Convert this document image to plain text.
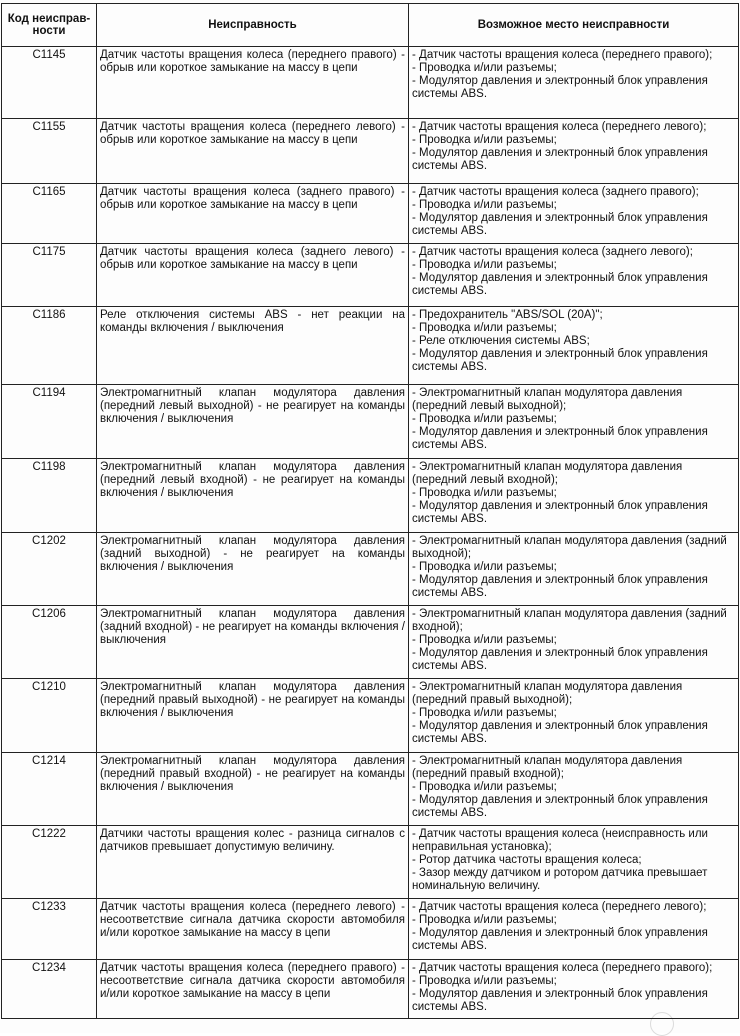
Код неисправ-ности	Неисправность	Возможное место неисправности
C1145	Датчик частоты вращения колеса (переднего правого) - обрыв или короткое замыкание на массу в цепи	- Датчик частоты вращения колеса (переднего правого);
- Проводка и/или разъемы;
- Модулятор давления и электронный блок управления системы ABS.

C1155	Датчик частоты вращения колеса (переднего левого) - обрыв или короткое замыкание на массу в цепи	- Датчик частоты вращения колеса (переднего левого);
- Проводка и/или разъемы;
- Модулятор давления и электронный блок управления системы ABS.

C1165	Датчик частоты вращения колеса (заднего правого) - обрыв или короткое замыкание на массу в цепи	- Датчик частоты вращения колеса (заднего правого);
- Проводка и/или разъемы;
- Модулятор давления и электронный блок управления системы ABS.

C1175	Датчик частоты вращения колеса (заднего левого) - обрыв или короткое замыкание на массу в цепи	- Датчик частоты вращения колеса (заднего левого);
- Проводка и/или разъемы;
- Модулятор давления и электронный блок управления системы ABS.

C1186	Реле отключения системы ABS - нет реакции на команды включения / выключения	- Предохранитель "ABS/SOL (20A)";
- Проводка и/или разъемы;
- Реле отключения системы ABS;
- Модулятор давления и электронный блок управления системы ABS.

C1194	Электромагнитный клапан модулятора давления (передний левый выходной) - не реагирует на команды включения / выключения	- Электромагнитный клапан модулятора давления (передний левый выходной);
- Проводка и/или разъемы;
- Модулятор давления и электронный блок управления системы ABS.

C1198	Электромагнитный клапан модулятора давления (передний левый входной) - не реагирует на команды включения / выключения	- Электромагнитный клапан модулятора давления (передний левый входной);
- Проводка и/или разъемы;
- Модулятор давления и электронный блок управления системы ABS.

C1202	Электромагнитный клапан модулятора давления (задний выходной) - не реагирует на команды включения / выключения	- Электромагнитный клапан модулятора давления (задний выходной);
- Проводка и/или разъемы;
- Модулятор давления и электронный блок управления системы ABS.

C1206	Электромагнитный клапан модулятора давления (задний входной) - не реагирует на команды включения / выключения	- Электромагнитный клапан модулятора давления (задний входной);
- Проводка и/или разъемы;
- Модулятор давления и электронный блок управления системы ABS.

C1210	Электромагнитный клапан модулятора давления (передний правый выходной) - не реагирует на команды включения / выключения	- Электромагнитный клапан модулятора давления (передний правый выходной);
- Проводка и/или разъемы;
- Модулятор давления и электронный блок управления системы ABS.

C1214	Электромагнитный клапан модулятора давления (передний правый входной) - не реагирует на команды включения / выключения	- Электромагнитный клапан модулятора давления (передний правый входной);
- Проводка и/или разъемы;
- Модулятор давления и электронный блок управления системы ABS.

C1222	Датчики частоты вращения колес - разница сигналов с датчиков превышает допустимую величину.	- Датчик частоты вращения колеса (неисправность или неправильная установка);
- Ротор датчика частоты вращения колеса;
- Зазор между датчиком и ротором датчика превышает номинальную величину.

C1233	Датчик частоты вращения колеса (переднего левого) - несоответствие сигнала датчика скорости автомобиля и/или короткое замыкание на массу в цепи	- Датчик частоты вращения колеса (переднего левого);
- Проводка и/или разъемы;
- Модулятор давления и электронный блок управления системы ABS.

C1234	Датчик частоты вращения колеса (переднего правого) - несоответствие сигнала датчика скорости автомобиля и/или короткое замыкание на массу в цепи	- Датчик частоты вращения колеса (переднего правого);
- Проводка и/или разъемы;
- Модулятор давления и электронный блок управления системы ABS.
